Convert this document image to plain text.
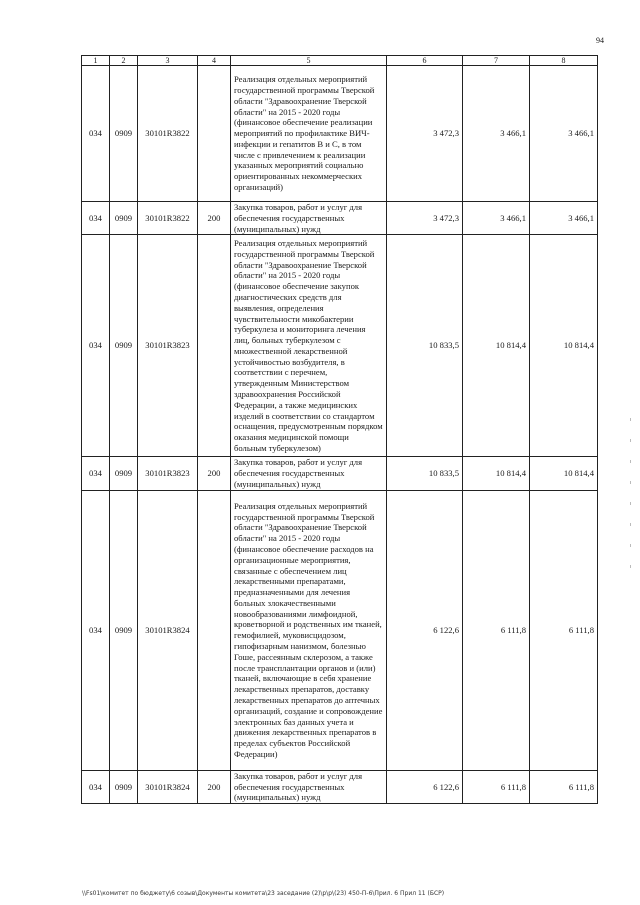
94
1	2	3	4	5	6	7	8
034	0909	30101R3822		Реализация отдельных мероприятий государственной программы Тверской области "Здравоохранение Тверской области" на 2015 - 2020 годы (финансовое обеспечение реализации мероприятий по профилактике ВИЧ-инфекции и гепатитов В и С, в том числе с привлечением к реализации указанных мероприятий социально ориентированных некоммерческих организаций)	3 472,3	3 466,1	3 466,1
034	0909	30101R3822	200	Закупка товаров, работ и услуг для обеспечения государственных (муниципальных) нужд	3 472,3	3 466,1	3 466,1
034	0909	30101R3823		Реализация отдельных мероприятий государственной программы Тверской области "Здравоохранение Тверской области" на 2015 - 2020 годы (финансовое обеспечение закупок диагностических средств для выявления, определения чувствительности микобактерии туберкулеза и мониторинга лечения лиц, больных туберкулезом с множественной лекарственной устойчивостью возбудителя, в соответствии с перечнем, утвержденным Министерством здравоохранения Российской Федерации, а также медицинских изделий в соответствии со стандартом оснащения, предусмотренным порядком оказания медицинской помощи больным туберкулезом)	10 833,5	10 814,4	10 814,4
034	0909	30101R3823	200	Закупка товаров, работ и услуг для обеспечения государственных (муниципальных) нужд	10 833,5	10 814,4	10 814,4
034	0909	30101R3824		Реализация отдельных мероприятий государственной программы Тверской области "Здравоохранение Тверской области" на 2015 - 2020 годы (финансовое обеспечение расходов на организационные мероприятия, связанные с обеспечением лиц лекарственными препаратами, предназначенными для лечения больных злокачественными новообразованиями лимфоидной, кроветворной и родственных им тканей, гемофилией, муковисцидозом, гипофизарным нанизмом, болезнью Гоше, рассеянным склерозом, а также после трансплантации органов и (или) тканей, включающие в себя хранение лекарственных препаратов, доставку лекарственных препаратов до аптечных организаций, создание и сопровождение электронных баз данных учета и движения лекарственных препаратов в пределах субъектов Российской Федерации)	6 122,6	6 111,8	6 111,8
034	0909	30101R3824	200	Закупка товаров, работ и услуг для обеспечения государственных (муниципальных) нужд	6 122,6	6 111,8	6 111,8
\\Fs01\комитет по бюджету\6 созыв\Документы комитета\23 заседание (2)\р\р\(23) 450-П-6\Прил. 6 Прил 11 (БСР)
